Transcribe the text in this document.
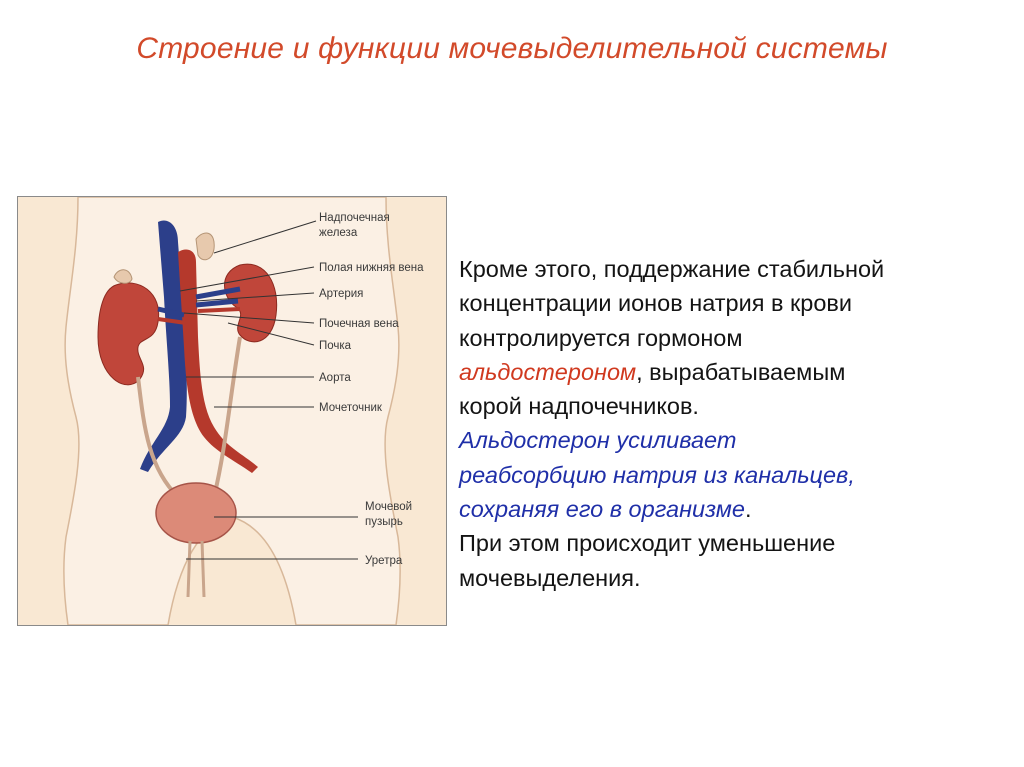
Строение и функции мочевыделительной системы
Надпочечная
железа
Полая нижняя вена
Артерия
Почечная вена
Почка
Аорта
Мочеточник
Мочевой
пузырь
Уретра
Кроме этого, поддержание стабильной
концентрации ионов натрия в крови
контролируется гормоном
альдостероном, вырабатываемым
корой надпочечников.
Альдостерон усиливает
реабсорбцию натрия из канальцев,
сохраняя его в организме.
При этом происходит уменьшение
мочевыделения.
